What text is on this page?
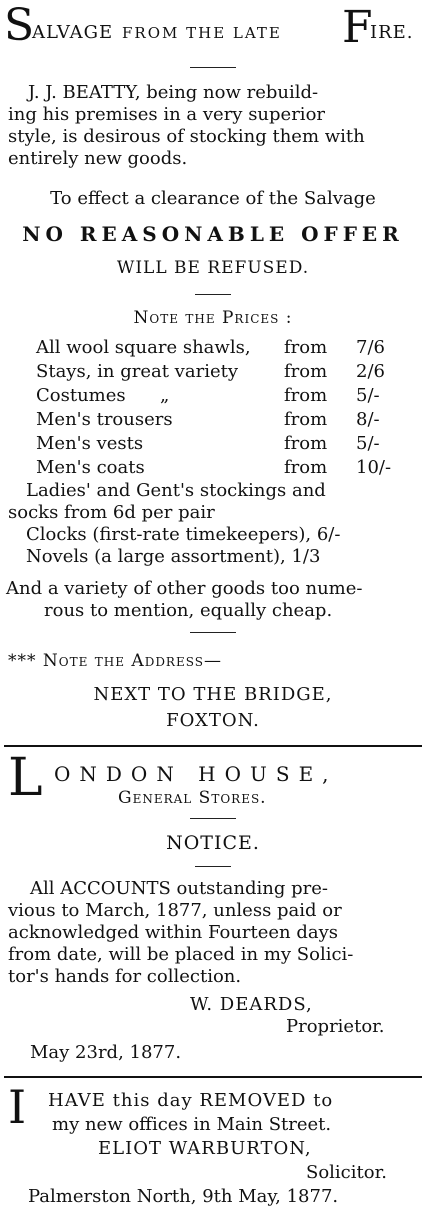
S
ALVAGE FROM THE LATE F
IRE.
J. J. BEATTY, being now rebuild-
ing his premises in a very superior
style, is desirous of stocking them with
entirely new goods.
To effect a clearance of the Salvage
NO REASONABLE OFFER
WILL BE REFUSED.
Note the Prices :
All wool square shawls, from 7/6
Stays, in great variety	from 2/6
Costumes      „	from 5/-
Men's trousers	from 8/-
Men's vests	from 5/-
Men's coats	from 10/-
Ladies' and Gent's stockings and
socks from 6d per pair
Clocks (first-rate timekeepers), 6/-
Novels (a large assortment), 1/3
And a variety of other goods too nume-
rous to mention, equally cheap.
*** Note the Address—
NEXT TO THE BRIDGE,
FOXTON.
L ONDON HOUSE,
General Stores.
NOTICE.
All ACCOUNTS outstanding pre-
vious to March, 1877, unless paid or
acknowledged within Fourteen days
from date, will be placed in my Solici-
tor's hands for collection.
W. DEARDS,
Proprietor.
May 23rd, 1877.
I HAVE this day REMOVED to
my new offices in Main Street.
ELIOT WARBURTON,
Solicitor.
Palmerston North, 9th May, 1877.
